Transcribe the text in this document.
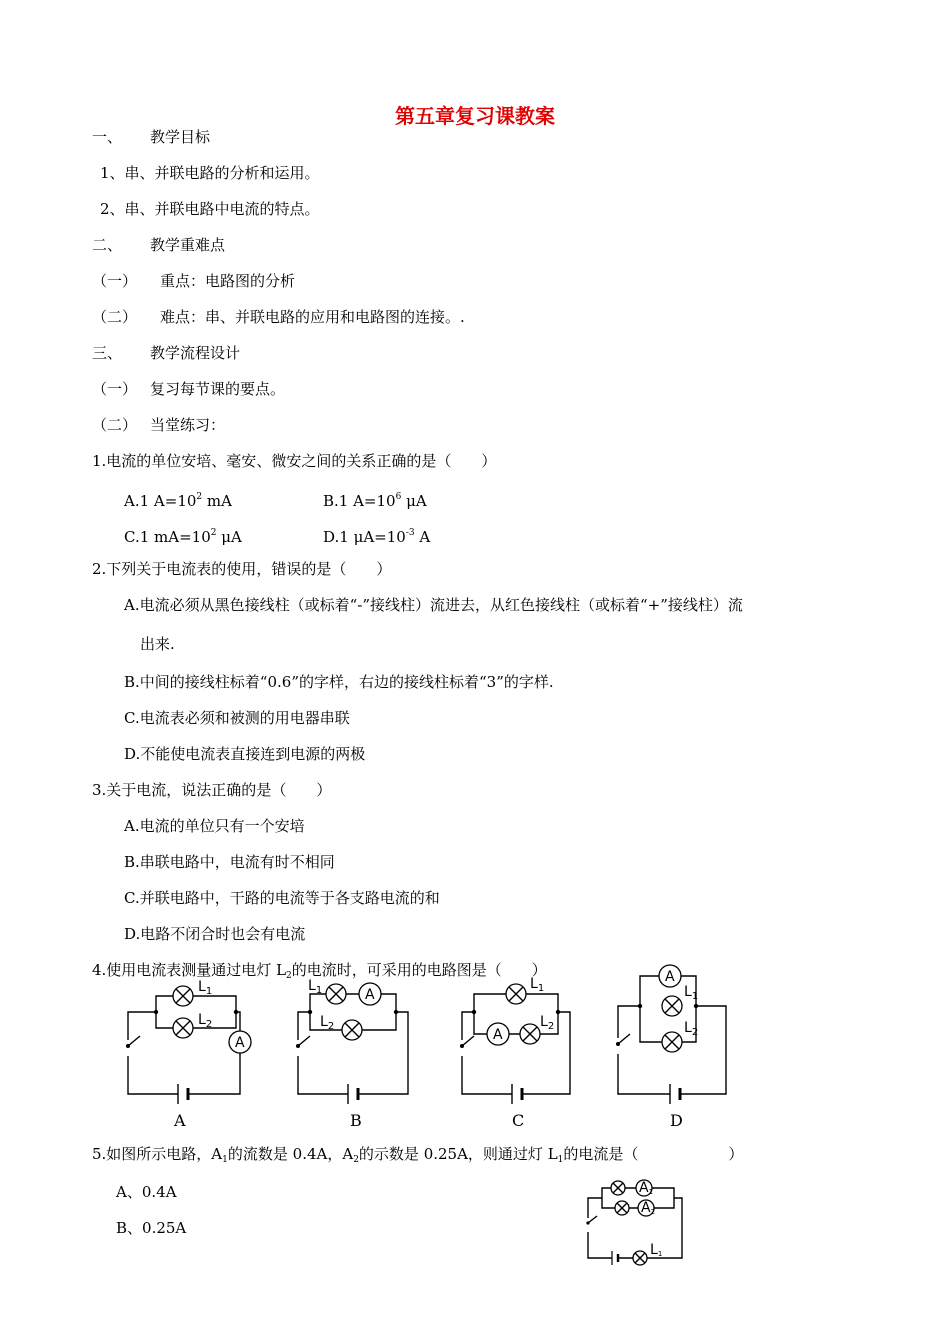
第五章复习课教案
一、 教学目标
1、串、并联电路的分析和运用。
2、串、并联电路中电流的特点。
二、 教学重难点
（一） 重点：电路图的分析
（二） 难点：串、并联电路的应用和电路图的连接。.
三、 教学流程设计
（一） 复习每节课的要点。
（二） 当堂练习：
1.电流的单位安培、毫安、微安之间的关系正确的是（　　）
A.1 $A=10^2$ mA	B.1 $A=10^6$ μA
C.1 $mA=10^2$ μA	D.1 $\mu A=10^{-3}$ A
2.下列关于电流表的使用，错误的是（　　）
A.电流必须从黑色接线柱（或标着“-”接线柱）流进去，从红色接线柱（或标着“+”接线柱）流
出来.
B.中间的接线柱标着“0.6”的字样，右边的接线柱标着“3”的字样.
C.电流表必须和被测的用电器串联
D.不能使电流表直接连到电源的两极
3.关于电流，说法正确的是（　　）
A.电流的单位只有一个安培
B.串联电路中，电流有时不相同
C.并联电路中，干路的电流等于各支路电流的和
D.电路不闭合时也会有电流
4.使用电流表测量通过电灯 $L_2$的电流时，可采用的电路图是（　　）
A
$L_1$
$L_2$
A
A
$L_1$
$L_2$
B
A
$L_1$
$L_2$
C
A
$L_1$
$L_2$
D
5.如图所示电路，$A_1$的流数是 0.4A，$A_2$的示数是 0.25A，则通过灯 $L_1$的电流是（　　　　　　）
A、0.4A
B、0.25A
A1
A2
L1
